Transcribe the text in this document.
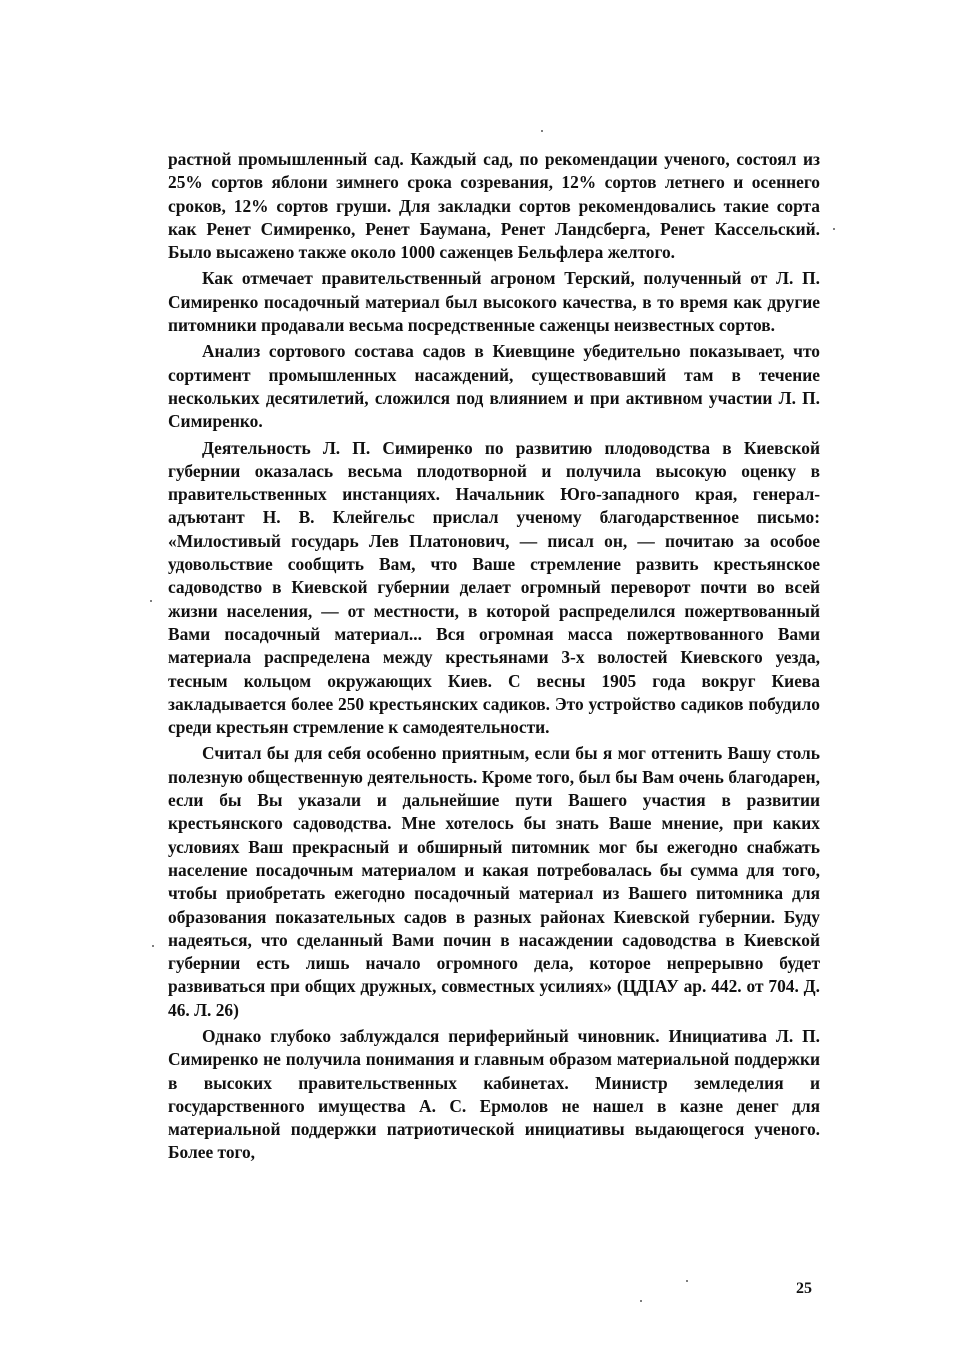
растной промышленный сад. Каждый сад, по рекомендации ученого, состоял из 25% сортов яблони зимнего срока созревания, 12% сортов летнего и осеннего сроков, 12% сортов груши. Для закладки сортов рекомендовались такие сорта как Ренет Симиренко, Ренет Баумана, Ренет Ландсберга, Ренет Кассельский. Было высажено также около 1000 саженцев Бельфлера желтого.

Как отмечает правительственный агроном Терский, полученный от Л. П. Симиренко посадочный материал был высокого качества, в то время как другие питомники продавали весьма посредственные саженцы неизвестных сортов.

Анализ сортового состава садов в Киевщине убедительно показывает, что сортимент промышленных насаждений, существовавший там в течение нескольких десятилетий, сложился под влиянием и при активном участии Л. П. Симиренко.

Деятельность Л. П. Симиренко по развитию плодоводства в Киевской губернии оказалась весьма плодотворной и получила высокую оценку в правительственных инстанциях. Начальник Юго-западного края, генерал-адъютант Н. В. Клейгельс прислал ученому благодарственное письмо: «Милостивый государь Лев Платонович, — писал он, — почитаю за особое удовольствие сообщить Вам, что Ваше стремление развить крестьянское садоводство в Киевской губернии делает огромный переворот почти во всей жизни населения, — от местности, в которой распределился пожертвованный Вами посадочный материал... Вся огромная масса пожертвованного Вами материала распределена между крестьянами 3-х волостей Киевского уезда, тесным кольцом окружающих Киев. С весны 1905 года вокруг Киева закладывается более 250 крестьянских садиков. Это устройство садиков побудило среди крестьян стремление к самодеятельности.

Считал бы для себя особенно приятным, если бы я мог оттенить Вашу столь полезную общественную деятельность. Кроме того, был бы Вам очень благодарен, если бы Вы указали и дальнейшие пути Вашего участия в развитии крестьянского садоводства. Мне хотелось бы знать Ваше мнение, при каких условиях Ваш прекрасный и обширный питомник мог бы ежегодно снабжать население посадочным материалом и какая потребовалась бы сумма для того, чтобы приобретать ежегодно посадочный материал из Вашего питомника для образования показательных садов в разных районах Киевской губернии. Буду надеяться, что сделанный Вами почин в насаждении садоводства в Киевской губернии есть лишь начало огромного дела, которое непрерывно будет развиваться при общих дружных, совместных усилиях» (ЦДІАУ ар. 442. от 704. Д. 46. Л. 26)

Однако глубоко заблуждался периферийный чиновник. Инициатива Л. П. Симиренко не получила понимания и главным образом материальной поддержки в высоких правительственных кабинетах. Министр земледелия и государственного имущества А. С. Ермолов не нашел в казне денег для материальной поддержки патриотической инициативы выдающегося ученого. Более того,

25
